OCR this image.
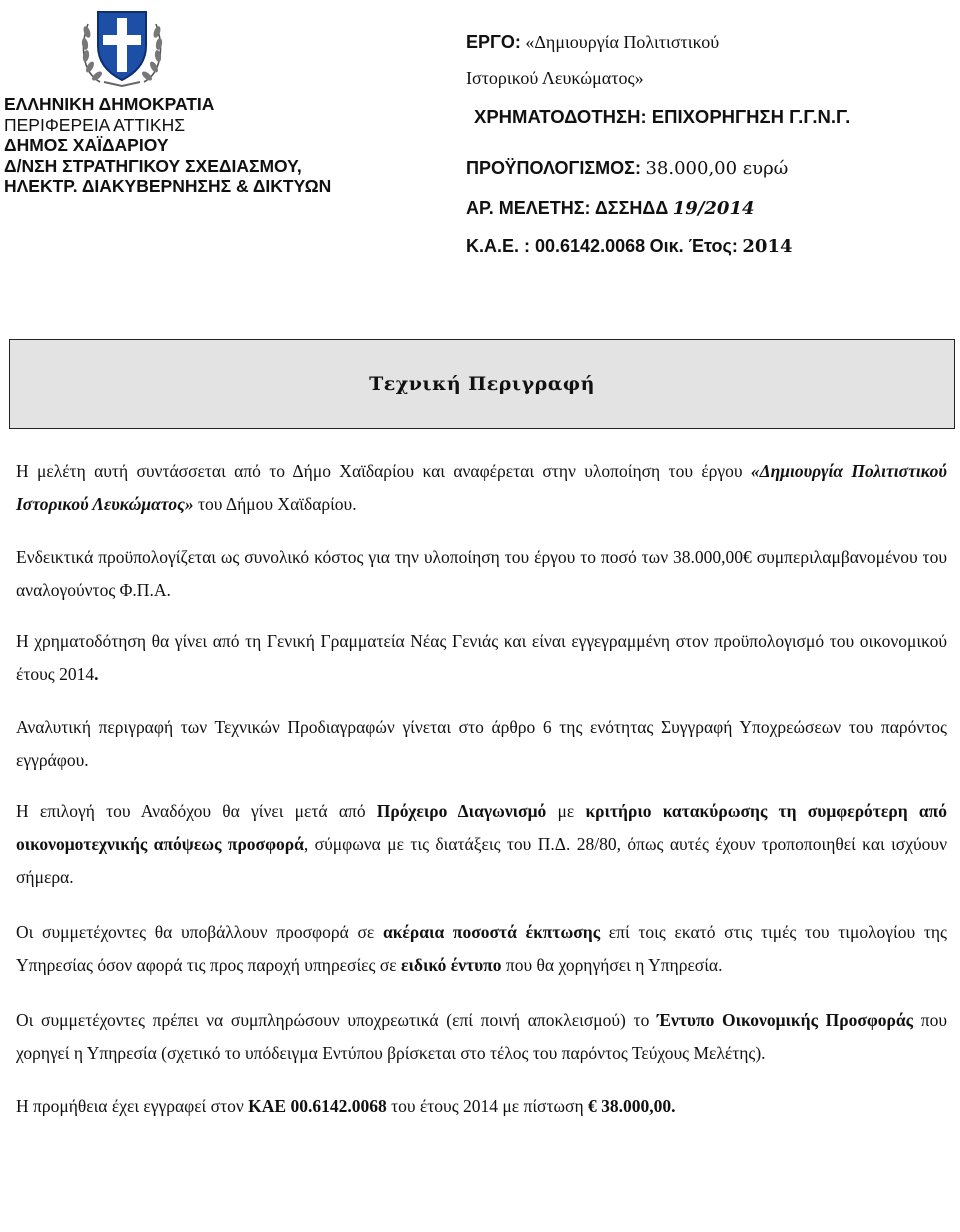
ΕΛΛΗΝΙΚΗ ΔΗΜΟΚΡΑΤΙΑ
ΠΕΡΙΦΕΡΕΙΑ ΑΤΤΙΚΗΣ
ΔΗΜΟΣ ΧΑΪΔΑΡΙΟΥ
Δ/ΝΣΗ ΣΤΡΑΤΗΓΙΚΟΥ ΣΧΕΔΙΑΣΜΟΥ,
ΗΛΕΚΤΡ. ΔΙΑΚΥΒΕΡΝΗΣΗΣ & ΔΙΚΤΥΩΝ
ΕΡΓΟ: «Δημιουργία Πολιτιστικού
Ιστορικού Λευκώματος»
ΧΡΗΜΑΤΟΔΟΤΗΣΗ: ΕΠΙΧΟΡΗΓΗΣΗ Γ.Γ.Ν.Γ.
ΠΡΟΫΠΟΛΟΓΙΣΜΟΣ: 38.000,00 ευρώ
ΑΡ. ΜΕΛΕΤΗΣ: ΔΣΣΗΔΔ 19/2014
Κ.Α.Ε. : 00.6142.0068 Οικ. Έτος: 2014
Τεχνική Περιγραφή

Η μελέτη αυτή συντάσσεται από το Δήμο Χαϊδαρίου και αναφέρεται στην υλοποίηση του έργου «Δημιουργία Πολιτιστικού Ιστορικού Λευκώματος» του Δήμου Χαϊδαρίου.

Ενδεικτικά προϋπολογίζεται ως συνολικό κόστος για την υλοποίηση του έργου το ποσό των 38.000,00€ συμπεριλαμβανομένου του αναλογούντος Φ.Π.Α.

Η χρηματοδότηση θα γίνει από τη Γενική Γραμματεία Νέας Γενιάς και είναι εγγεγραμμένη στον προϋπολογισμό του οικονομικού έτους 2014.

Αναλυτική περιγραφή των Τεχνικών Προδιαγραφών γίνεται στο άρθρο 6 της ενότητας Συγγραφή Υποχρεώσεων του παρόντος εγγράφου.

Η επιλογή του Αναδόχου θα γίνει μετά από Πρόχειρο Διαγωνισμό με κριτήριο κατακύρωσης τη συμφερότερη από οικονομοτεχνικής απόψεως προσφορά, σύμφωνα με τις διατάξεις του Π.Δ. 28/80, όπως αυτές έχουν τροποποιηθεί και ισχύουν σήμερα.

Οι συμμετέχοντες θα υποβάλλουν προσφορά σε ακέραια ποσοστά έκπτωσης επί τοις εκατό στις τιμές του τιμολογίου της Υπηρεσίας όσον αφορά τις προς παροχή υπηρεσίες σε ειδικό έντυπο που θα χορηγήσει η Υπηρεσία.

Οι συμμετέχοντες πρέπει να συμπληρώσουν υποχρεωτικά (επί ποινή αποκλεισμού) το Έντυπο Οικονομικής Προσφοράς που χορηγεί η Υπηρεσία (σχετικό το υπόδειγμα Εντύπου βρίσκεται στο τέλος του παρόντος Τεύχους Μελέτης).

Η προμήθεια έχει εγγραφεί στον ΚΑΕ 00.6142.0068 του έτους 2014 με πίστωση € 38.000,00.
